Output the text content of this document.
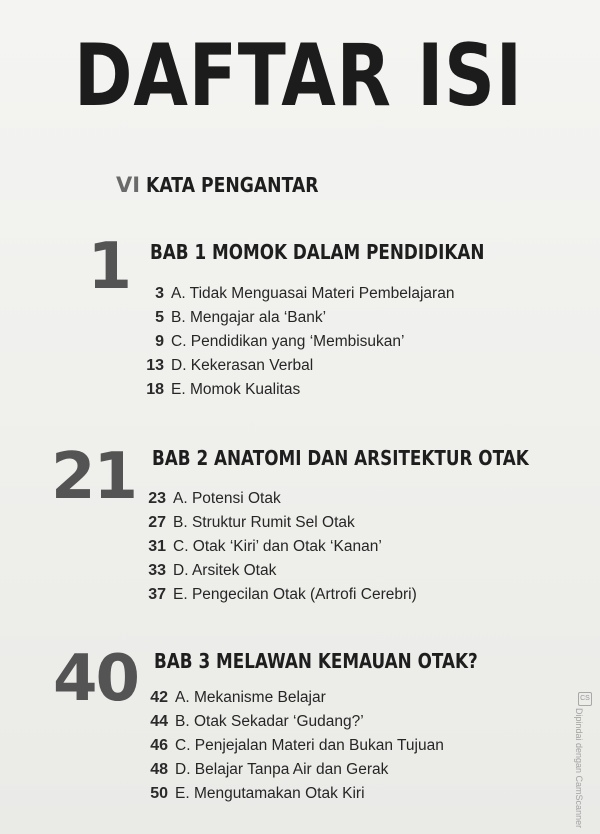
DAFTAR ISI
VI KATA PENGANTAR
1 BAB 1 MOMOK DALAM PENDIDIKAN
3 A. Tidak Menguasai Materi Pembelajaran
5 B. Mengajar ala ‘Bank’
9 C. Pendidikan yang ‘Membisukan’
13 D. Kekerasan Verbal
18 E. Momok Kualitas
21 BAB 2 ANATOMI DAN ARSITEKTUR OTAK
23 A. Potensi Otak
27 B. Struktur Rumit Sel Otak
31 C. Otak ‘Kiri’ dan Otak ‘Kanan’
33 D. Arsitek Otak
37 E. Pengecilan Otak (Artrofi Cerebri)
40 BAB 3 MELAWAN KEMAUAN OTAK?
42 A. Mekanisme Belajar
44 B. Otak Sekadar ‘Gudang?’
46 C. Penjejalan Materi dan Bukan Tujuan
48 D. Belajar Tanpa Air dan Gerak
50 E. Mengutamakan Otak Kiri
CS
Dipindai dengan CamScanner
